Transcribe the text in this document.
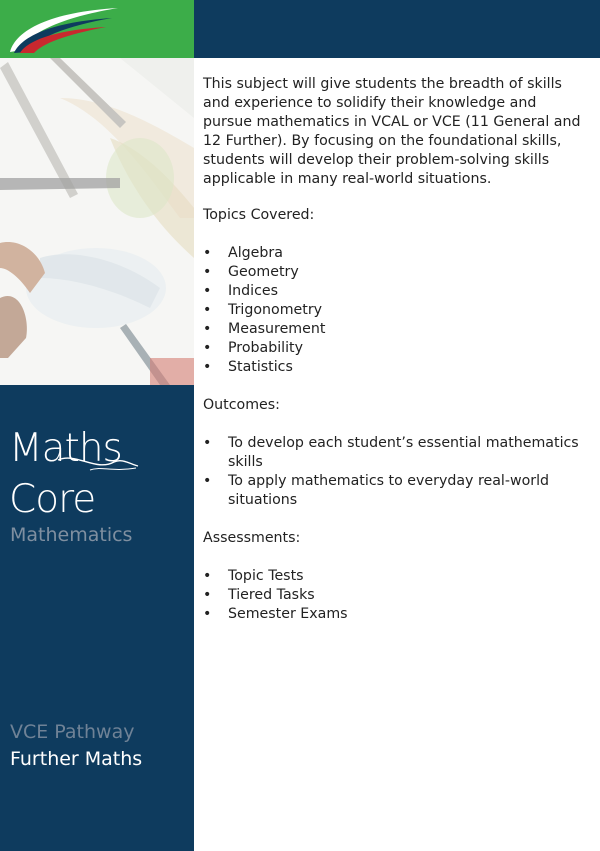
Maths
Core
Mathematics
VCE Pathway
Further Maths

This subject will give students the breadth of skills and experience to solidify their knowledge and pursue mathematics in VCAL or VCE (11 General and 12 Further). By focusing on the foundational skills, students will develop their problem-solving skills applicable in many real-world situations.

Topics Covered:

• Algebra
• Geometry
• Indices
• Trigonometry
• Measurement
• Probability
• Statistics

Outcomes:

• To develop each student’s essential mathematics skills
• To apply mathematics to everyday real-world situations

Assessments:

• Topic Tests
• Tiered Tasks
• Semester Exams
